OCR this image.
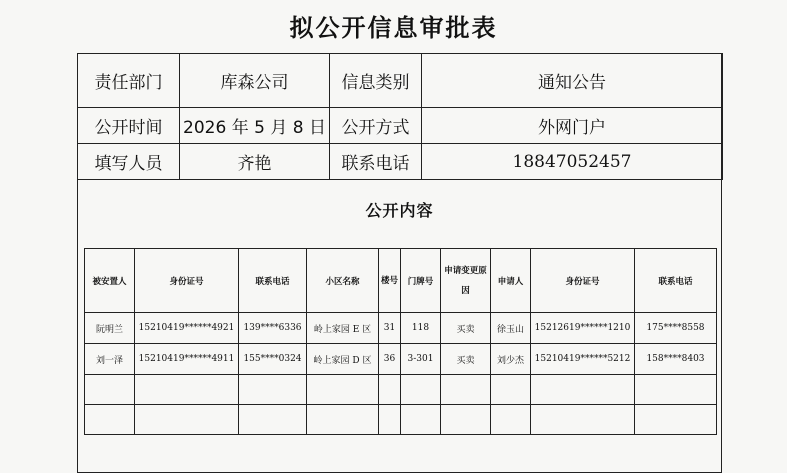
拟公开信息审批表
责任部门	库森公司	信息类别	通知公告
公开时间	2026 年 5 月 8 日	公开方式	外网门户
填写人员	齐艳	联系电话	18847052457
公开内容
被安置人	身份证号	联系电话	小区名称	楼号	门牌号	申请变更原因	申请人	身份证号	联系电话
阮明兰	15210419******4921	139****6336	岭上家园 E 区	31	118	买卖	徐玉山	15212619******1210	175****8558
刘一泽	15210419******4911	155****0324	岭上家园 D 区	36	3-301	买卖	刘少杰	15210419******5212	158****8403
